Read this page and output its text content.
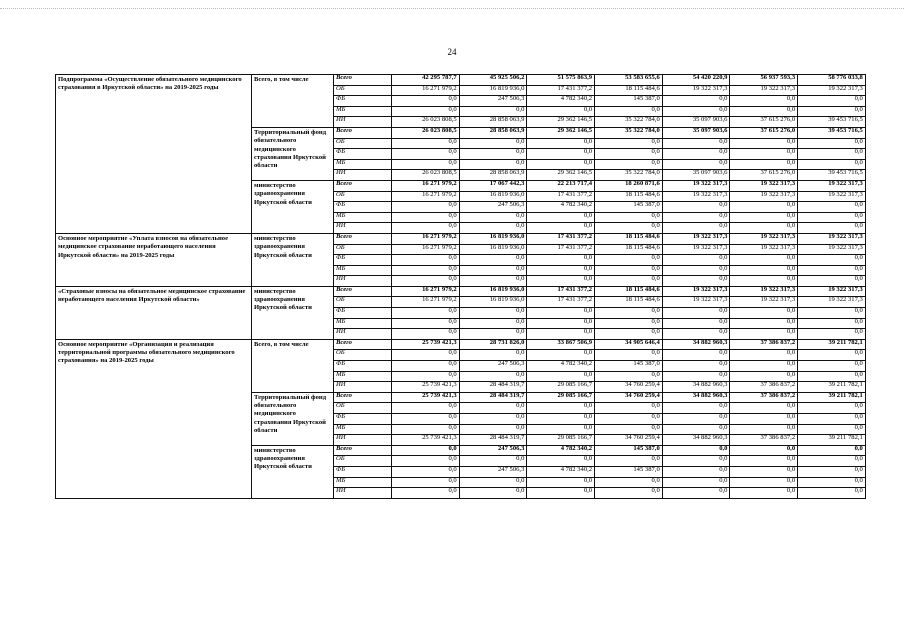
24
Подпрограмма «Осуществление обязательного медицинского страхования в Иркутской области» на 2019-2025 годы	Всего, в том числе	Всего	42 295 787,7	45 925 506,2	51 575 863,9	53 583 655,6	54 420 220,9	56 937 593,3	58 776 033,8
		ОБ	16 271 979,2	16 819 936,0	17 431 377,2	18 115 484,6	19 322 317,3	19 322 317,3	19 322 317,3
		ФБ	0,0	247 506,3	4 782 340,2	145 387,0	0,0	0,0	0,0
		МБ	0,0	0,0	0,0	0,0	0,0	0,0	0,0
		ИИ	26 023 808,5	28 858 063,9	29 362 146,5	35 322 784,0	35 097 903,6	37 615 276,0	39 453 716,5
	Территориальный фонд обязательного медицинского страхования Иркутской области	Всего	26 023 808,5	28 858 063,9	29 362 146,5	35 322 784,0	35 097 903,6	37 615 276,0	39 453 716,5
		ОБ	0,0	0,0	0,0	0,0	0,0	0,0	0,0
		ФБ	0,0	0,0	0,0	0,0	0,0	0,0	0,0
		МБ	0,0	0,0	0,0	0,0	0,0	0,0	0,0
		ИИ	26 023 808,5	28 858 063,9	29 362 146,5	35 322 784,0	35 097 903,6	37 615 276,0	39 453 716,5
	министерство здравоохранения Иркутской области	Всего	16 271 979,2	17 067 442,3	22 213 717,4	18 260 871,6	19 322 317,3	19 322 317,3	19 322 317,3
		ОБ	16 271 979,2	16 819 936,0	17 431 377,2	18 115 484,6	19 322 317,3	19 322 317,3	19 322 317,3
		ФБ	0,0	247 506,3	4 782 340,2	145 387,0	0,0	0,0	0,0
		МБ	0,0	0,0	0,0	0,0	0,0	0,0	0,0
		ИИ	0,0	0,0	0,0	0,0	0,0	0,0	0,0
Основное мероприятие «Уплата взносов на обязательное медицинское страхование неработающего населения Иркутской области» на 2019-2025 годы	министерство здравоохранения Иркутской области	Всего	16 271 979,2	16 819 936,0	17 431 377,2	18 115 484,6	19 322 317,3	19 322 317,3	19 322 317,3
		ОБ	16 271 979,2	16 819 936,0	17 431 377,2	18 115 484,6	19 322 317,3	19 322 317,3	19 322 317,3
		ФБ	0,0	0,0	0,0	0,0	0,0	0,0	0,0
		МБ	0,0	0,0	0,0	0,0	0,0	0,0	0,0
		ИИ	0,0	0,0	0,0	0,0	0,0	0,0	0,0
«Страховые взносы на обязательное медицинское страхование неработающего населения Иркутской области»	министерство здравоохранения Иркутской области	Всего	16 271 979,2	16 819 936,0	17 431 377,2	18 115 484,6	19 322 317,3	19 322 317,3	19 322 317,3
		ОБ	16 271 979,2	16 819 936,0	17 431 377,2	18 115 484,6	19 322 317,3	19 322 317,3	19 322 317,3
		ФБ	0,0	0,0	0,0	0,0	0,0	0,0	0,0
		МБ	0,0	0,0	0,0	0,0	0,0	0,0	0,0
		ИИ	0,0	0,0	0,0	0,0	0,0	0,0	0,0
Основное мероприятие «Организация и реализация территориальной программы обязательного медицинского страхования» на 2019-2025 годы	Всего, в том числе	Всего	25 739 421,3	28 731 826,0	33 867 506,9	34 905 646,4	34 882 960,3	37 386 837,2	39 211 782,1
		ОБ	0,0	0,0	0,0	0,0	0,0	0,0	0,0
		ФБ	0,0	247 506,3	4 782 340,2	145 387,0	0,0	0,0	0,0
		МБ	0,0	0,0	0,0	0,0	0,0	0,0	0,0
		ИИ	25 739 421,3	28 484 319,7	29 085 166,7	34 760 259,4	34 882 960,3	37 386 837,2	39 211 782,1
	Территориальный фонд обязательного медицинского страхования Иркутской области	Всего	25 739 421,3	28 484 319,7	29 085 166,7	34 760 259,4	34 882 960,3	37 386 837,2	39 211 782,1
		ОБ	0,0	0,0	0,0	0,0	0,0	0,0	0,0
		ФБ	0,0	0,0	0,0	0,0	0,0	0,0	0,0
		МБ	0,0	0,0	0,0	0,0	0,0	0,0	0,0
		ИИ	25 739 421,3	28 484 319,7	29 085 166,7	34 760 259,4	34 882 960,3	37 386 837,2	39 211 782,1
	министерство здравоохранения Иркутской области	Всего	0,0	247 506,3	4 782 340,2	145 387,0	0,0	0,0	0,0
		ОБ	0,0	0,0	0,0	0,0	0,0	0,0	0,0
		ФБ	0,0	247 506,3	4 782 340,2	145 387,0	0,0	0,0	0,0
		МБ	0,0	0,0	0,0	0,0	0,0	0,0	0,0
		ИИ	0,0	0,0	0,0	0,0	0,0	0,0	0,0
